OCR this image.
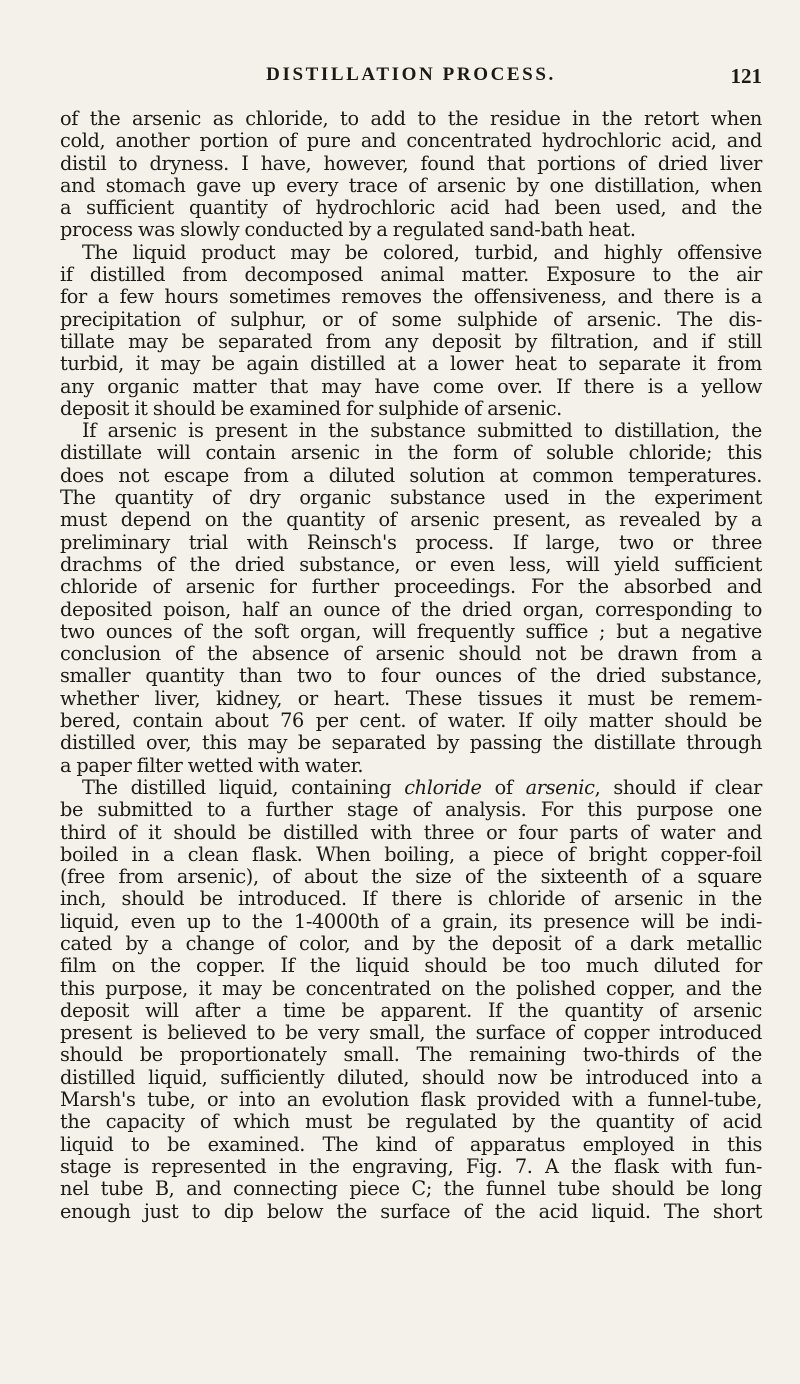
DISTILLATION PROCESS.	121
of the arsenic as chloride, to add to the residue in the retort when
cold, another portion of pure and concentrated hydrochloric acid, and
distil to dryness. I have, however, found that portions of dried liver
and stomach gave up every trace of arsenic by one distillation, when
a sufficient quantity of hydrochloric acid had been used, and the
process was slowly conducted by a regulated sand-bath heat.
The liquid product may be colored, turbid, and highly offensive
if distilled from decomposed animal matter. Exposure to the air
for a few hours sometimes removes the offensiveness, and there is a
precipitation of sulphur, or of some sulphide of arsenic. The dis-
tillate may be separated from any deposit by filtration, and if still
turbid, it may be again distilled at a lower heat to separate it from
any organic matter that may have come over. If there is a yellow
deposit it should be examined for sulphide of arsenic.
If arsenic is present in the substance submitted to distillation, the
distillate will contain arsenic in the form of soluble chloride; this
does not escape from a diluted solution at common temperatures.
The quantity of dry organic substance used in the experiment
must depend on the quantity of arsenic present, as revealed by a
preliminary trial with Reinsch's process. If large, two or three
drachms of the dried substance, or even less, will yield sufficient
chloride of arsenic for further proceedings. For the absorbed and
deposited poison, half an ounce of the dried organ, corresponding to
two ounces of the soft organ, will frequently suffice ; but a negative
conclusion of the absence of arsenic should not be drawn from a
smaller quantity than two to four ounces of the dried substance,
whether liver, kidney, or heart. These tissues it must be remem-
bered, contain about 76 per cent. of water. If oily matter should be
distilled over, this may be separated by passing the distillate through
a paper filter wetted with water.
The distilled liquid, containing chloride of arsenic, should if clear
be submitted to a further stage of analysis. For this purpose one
third of it should be distilled with three or four parts of water and
boiled in a clean flask. When boiling, a piece of bright copper-foil
(free from arsenic), of about the size of the sixteenth of a square
inch, should be introduced. If there is chloride of arsenic in the
liquid, even up to the 1-4000th of a grain, its presence will be indi-
cated by a change of color, and by the deposit of a dark metallic
film on the copper. If the liquid should be too much diluted for
this purpose, it may be concentrated on the polished copper, and the
deposit will after a time be apparent. If the quantity of arsenic
present is believed to be very small, the surface of copper introduced
should be proportionately small. The remaining two-thirds of the
distilled liquid, sufficiently diluted, should now be introduced into a
Marsh's tube, or into an evolution flask provided with a funnel-tube,
the capacity of which must be regulated by the quantity of acid
liquid to be examined. The kind of apparatus employed in this
stage is represented in the engraving, Fig. 7. A the flask with fun-
nel tube B, and connecting piece C; the funnel tube should be long
enough just to dip below the surface of the acid liquid. The short
